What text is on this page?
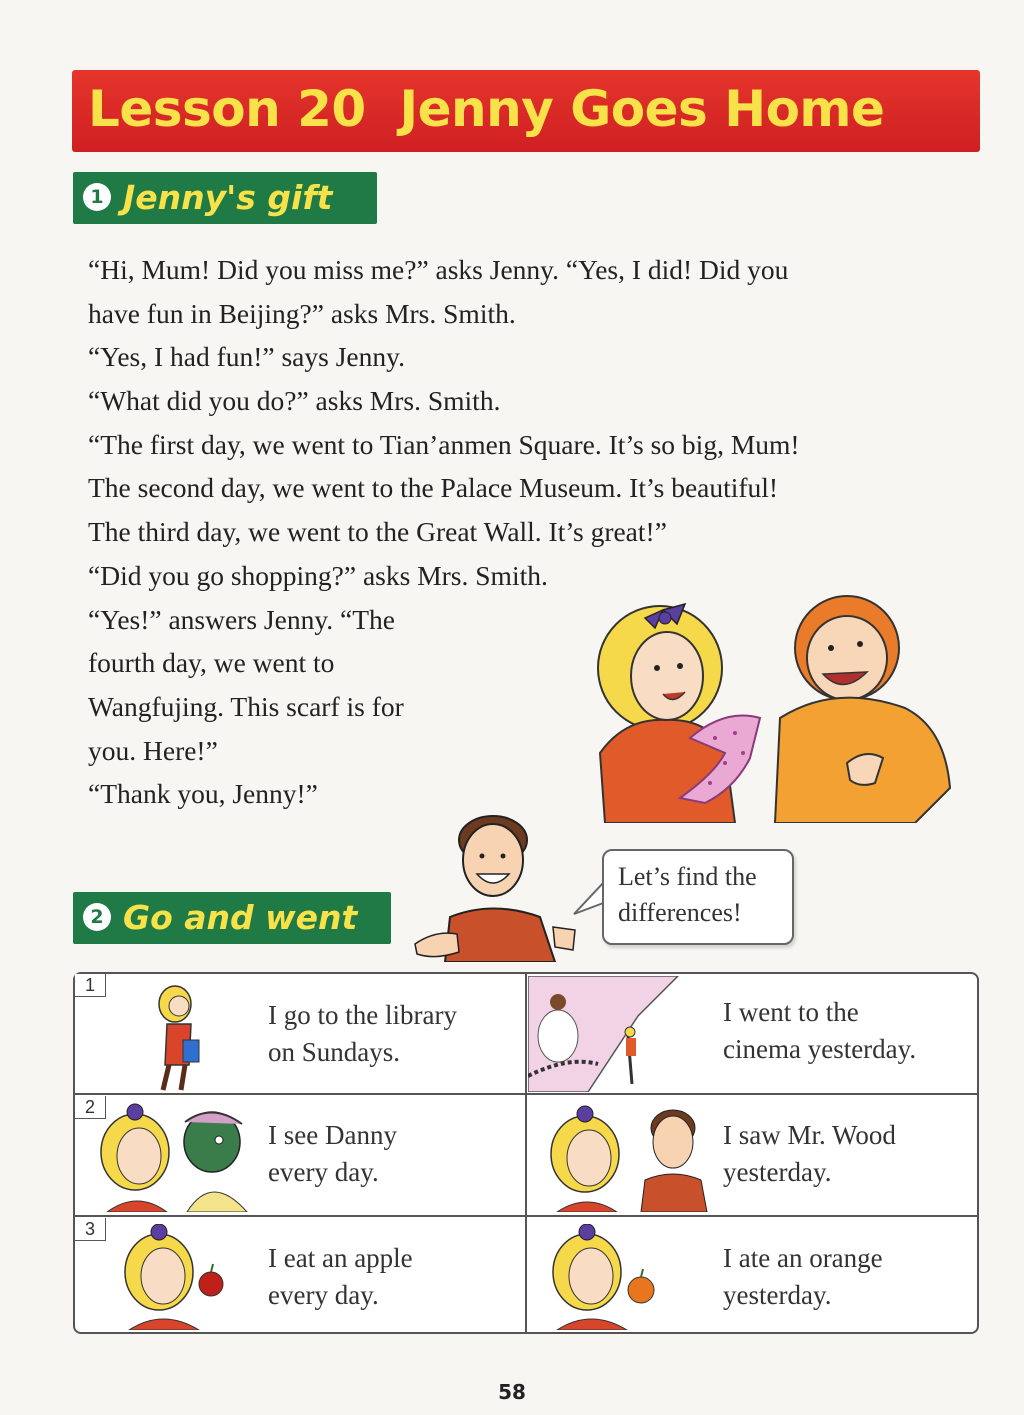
Lesson 20  Jenny Goes Home
1 Jenny's gift
“Hi, Mum! Did you miss me?” asks Jenny. “Yes, I did! Did you
have fun in Beijing?” asks Mrs. Smith.
“Yes, I had fun!” says Jenny.
“What did you do?” asks Mrs. Smith.
“The first day, we went to Tian’anmen Square. It’s so big, Mum!
The second day, we went to the Palace Museum. It’s beautiful!
The third day, we went to the Great Wall. It’s great!”
“Did you go shopping?” asks Mrs. Smith.
“Yes!” answers Jenny. “The
fourth day, we went to
Wangfujing. This scarf is for
you. Here!”
“Thank you, Jenny!”
Let’s find the
differences!
2 Go and went
1
I go to the library
on Sundays.
I went to the
cinema yesterday.
2
I see Danny
every day.
I saw Mr. Wood
yesterday.
3
I eat an apple
every day.
I ate an orange
yesterday.
58
